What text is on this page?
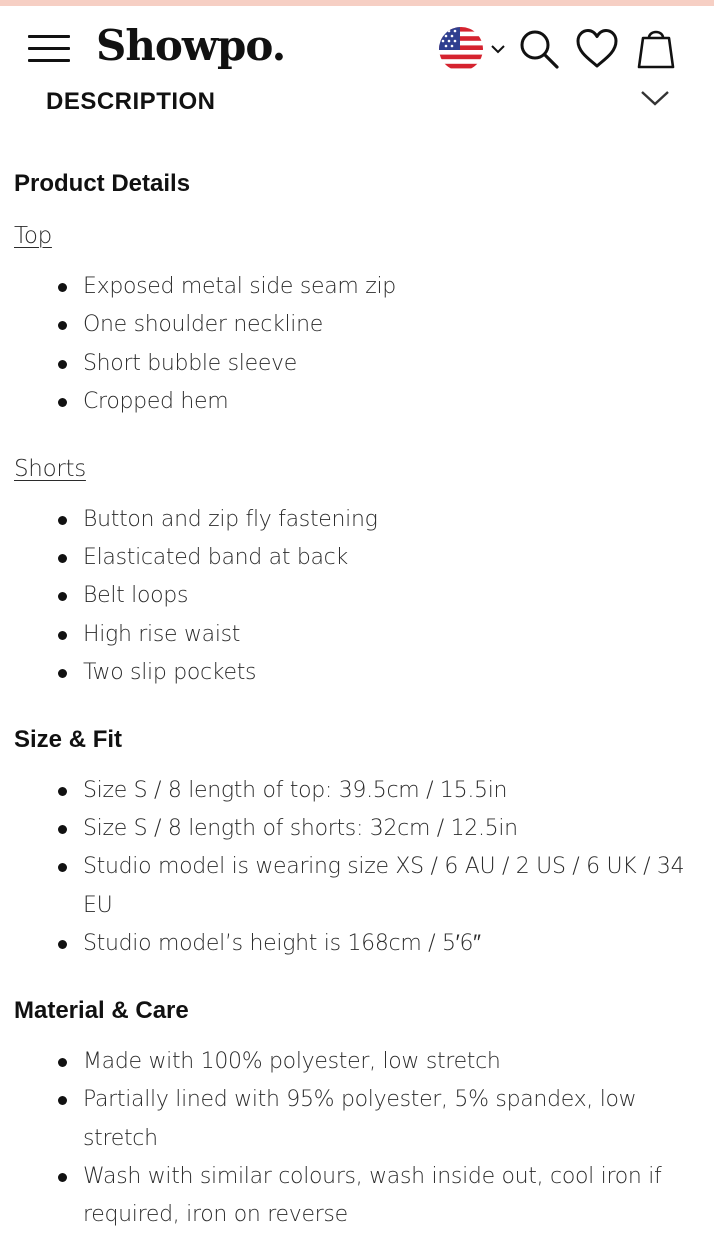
Showpo.
DESCRIPTION
Product Details
Top
Exposed metal side seam zip
One shoulder neckline
Short bubble sleeve
Cropped hem
Shorts
Button and zip fly fastening
Elasticated band at back
Belt loops
High rise waist
Two slip pockets
Size & Fit
Size S / 8 length of top: 39.5cm / 15.5in
Size S / 8 length of shorts: 32cm / 12.5in
Studio model is wearing size XS / 6 AU / 2 US / 6 UK / 34 EU
Studio model’s height is 168cm / 5′6″
Material & Care
Made with 100% polyester, low stretch
Partially lined with 95% polyester, 5% spandex, low stretch
Wash with similar colours, wash inside out, cool iron if required, iron on reverse
